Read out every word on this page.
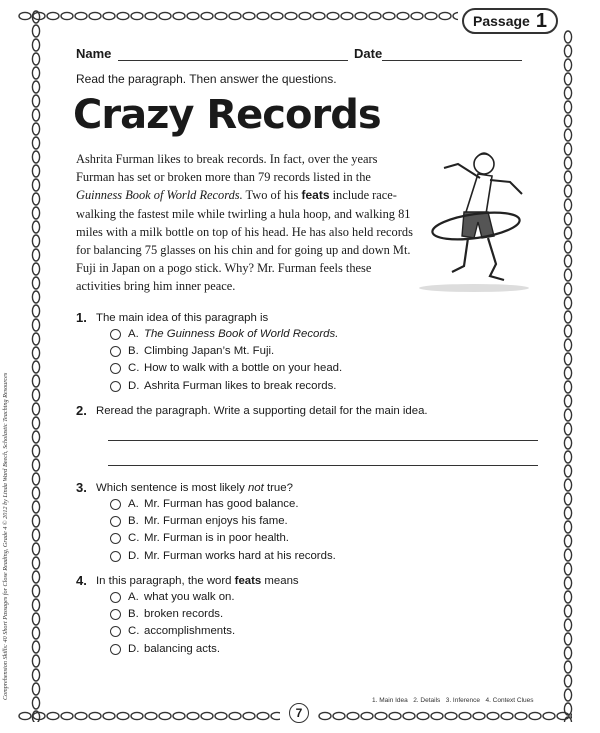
Passage 1
Name	Date
Read the paragraph. Then answer the questions.
Crazy Records

Ashrita Furman likes to break records. In fact, over the years Furman has set or broken more than 79 records listed in the Guinness Book of World Records. Two of his feats include race-walking the fastest mile while twirling a hula hoop, and walking 81 miles with a milk bottle on top of his head. He has also held records for balancing 75 glasses on his chin and for going up and down Mt. Fuji in Japan on a pogo stick. Why? Mr. Furman feels these activities bring him inner peace.

1. The main idea of this paragraph is
A. The Guinness Book of World Records.
B. Climbing Japan’s Mt. Fuji.
C. How to walk with a bottle on your head.
D. Ashrita Furman likes to break records.
2. Reread the paragraph. Write a supporting detail for the main idea.
3. Which sentence is most likely not true?
A. Mr. Furman has good balance.
B. Mr. Furman enjoys his fame.
C. Mr. Furman is in poor health.
D. Mr. Furman works hard at his records.
4. In this paragraph, the word feats means
A. what you walk on.
B. broken records.
C. accomplishments.
D. balancing acts.
1. Main Idea   2. Details   3. Inference   4. Context Clues
7
Comprehension Skills: 40 Short Passages for Close Reading, Grade 4 © 2012 by Linda Ward Beech, Scholastic Teaching Resources
